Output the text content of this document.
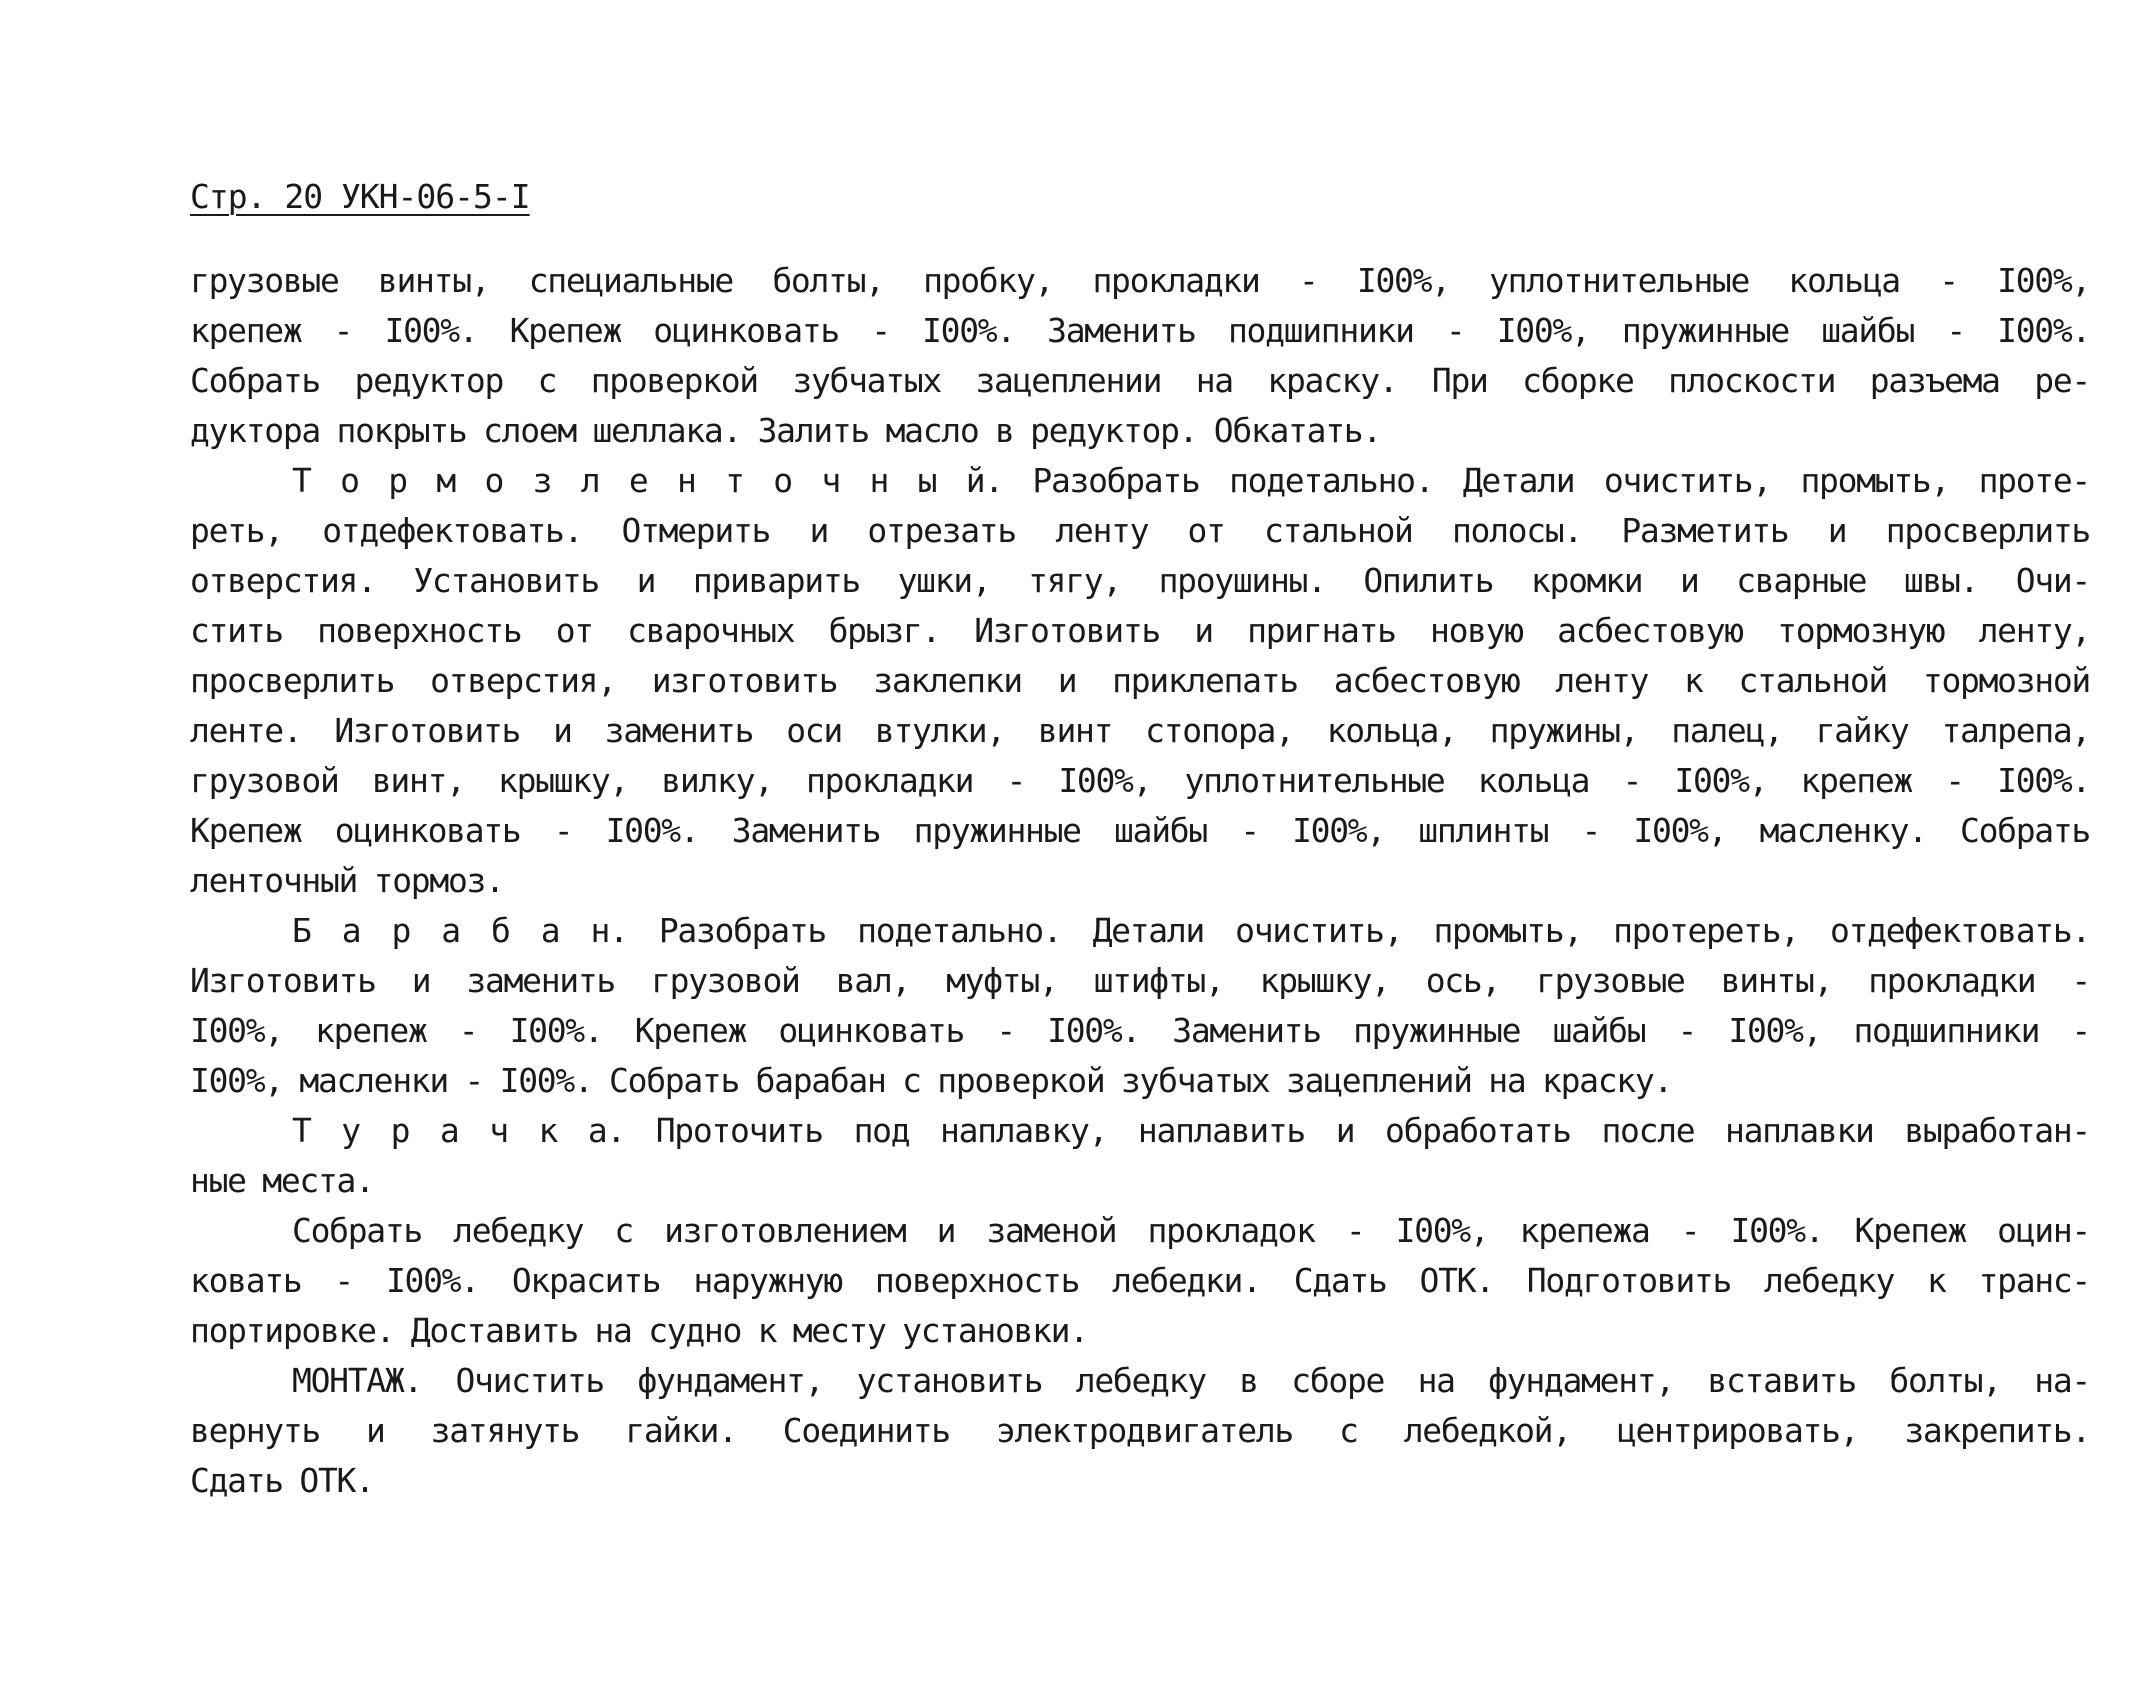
Стр. 20 УКН-06-5-I
грузовые винты, специальные болты, пробку, прокладки - I00%, уплотнительные кольца - I00%,
крепеж - I00%. Крепеж оцинковать - I00%. Заменить подшипники - I00%, пружинные шайбы - I00%.
Собрать редуктор с проверкой зубчатых зацеплении на краску. При сборке плоскости разъема ре-
дуктора покрыть слоем шеллака. Залить масло в редуктор. Обкатать.
Т о р м о з л е н т о ч н ы й. Разобрать подетально. Детали очистить, промыть, проте-
реть, отдефектовать. Отмерить и отрезать ленту от стальной полосы. Разметить и просверлить
отверстия. Установить и приварить ушки, тягу, проушины. Опилить кромки и сварные швы. Очи-
стить поверхность от сварочных брызг. Изготовить и пригнать новую асбестовую тормозную ленту,
просверлить отверстия, изготовить заклепки и приклепать асбестовую ленту к стальной тормозной
ленте. Изготовить и заменить оси втулки, винт стопора, кольца, пружины, палец, гайку талрепа,
грузовой винт, крышку, вилку, прокладки - I00%, уплотнительные кольца - I00%, крепеж - I00%.
Крепеж оцинковать - I00%. Заменить пружинные шайбы - I00%, шплинты - I00%, масленку. Собрать
ленточный тормоз.
Б а р а б а н. Разобрать подетально. Детали очистить, промыть, протереть, отдефектовать.
Изготовить и заменить грузовой вал, муфты, штифты, крышку, ось, грузовые винты, прокладки -
I00%, крепеж - I00%. Крепеж оцинковать - I00%. Заменить пружинные шайбы - I00%, подшипники -
I00%, масленки - I00%. Собрать барабан с проверкой зубчатых зацеплений на краску.
Т у р а ч к а. Проточить под наплавку, наплавить и обработать после наплавки выработан-
ные места.
Собрать лебедку с изготовлением и заменой прокладок - I00%, крепежа - I00%. Крепеж оцин-
ковать - I00%. Окрасить наружную поверхность лебедки. Сдать ОТК. Подготовить лебедку к транс-
портировке. Доставить на судно к месту установки.
МОНТАЖ. Очистить фундамент, установить лебедку в сборе на фундамент, вставить болты, на-
вернуть и затянуть гайки. Соединить электродвигатель с лебедкой, центрировать, закрепить.
Сдать ОТК.
